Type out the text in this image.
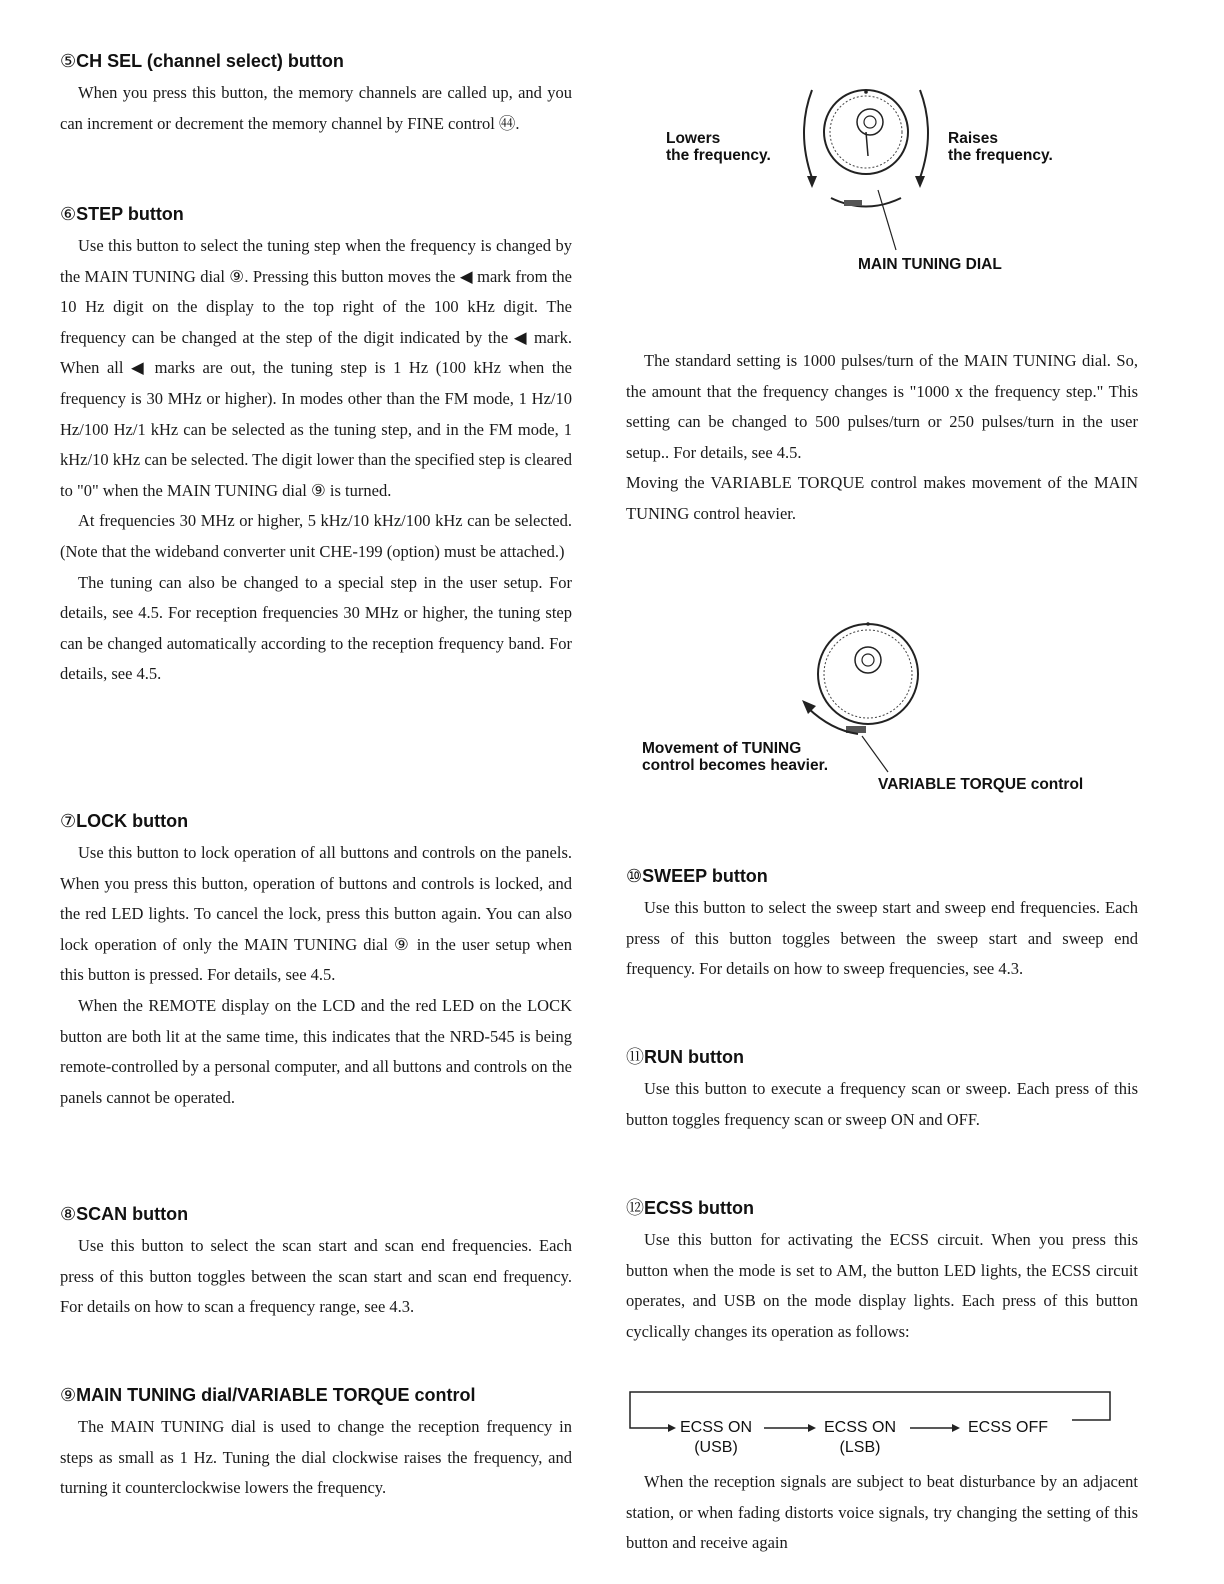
⑤CH SEL (channel select) button

When you press this button, the memory channels are called up, and you can increment or decrement the memory channel by FINE control ㊹.

⑥STEP button

Use this button to select the tuning step when the frequency is changed by the MAIN TUNING dial ⑨. Pressing this button moves the ◀ mark from the 10 Hz digit on the display to the top right of the 100 kHz digit. The frequency can be changed at the step of the digit indicated by the ◀ mark. When all ◀ marks are out, the tuning step is 1 Hz (100 kHz when the frequency is 30 MHz or higher). In modes other than the FM mode, 1 Hz/10 Hz/100 Hz/1 kHz can be selected as the tuning step, and in the FM mode, 1 kHz/10 kHz can be selected. The digit lower than the specified step is cleared to "0" when the MAIN TUNING dial ⑨ is turned.

At frequencies 30 MHz or higher, 5 kHz/10 kHz/100 kHz can be selected. (Note that the wideband converter unit CHE-199 (option) must be attached.)

The tuning can also be changed to a special step in the user setup. For details, see 4.5. For reception frequencies 30 MHz or higher, the tuning step can be changed automatically according to the reception frequency band. For details, see 4.5.

⑦LOCK button

Use this button to lock operation of all buttons and controls on the panels. When you press this button, operation of buttons and controls is locked, and the red LED lights. To cancel the lock, press this button again. You can also lock operation of only the MAIN TUNING dial ⑨ in the user setup when this button is pressed. For details, see 4.5.

When the REMOTE display on the LCD and the red LED on the LOCK button are both lit at the same time, this indicates that the NRD-545 is being remote-controlled by a personal computer, and all buttons and controls on the panels cannot be operated.

⑧SCAN button

Use this button to select the scan start and scan end frequencies. Each press of this button toggles between the scan start and scan end frequency. For details on how to scan a frequency range, see 4.3.

⑨MAIN TUNING dial/VARIABLE TORQUE control

The MAIN TUNING dial is used to change the reception frequency in steps as small as 1 Hz. Tuning the dial clockwise raises the frequency, and turning it counterclockwise lowers the frequency.

Lowers
the frequency.
Raises
the frequency.
MAIN TUNING DIAL

The standard setting is 1000 pulses/turn of the MAIN TUNING dial. So, the amount that the frequency changes is "1000 x the frequency step." This setting can be changed to 500 pulses/turn or 250 pulses/turn in the user setup.. For details, see 4.5.

Moving the VARIABLE TORQUE control makes movement of the MAIN TUNING control heavier.

Movement of TUNING
control becomes heavier.
VARIABLE TORQUE control
⑩SWEEP button

Use this button to select the sweep start and sweep end frequencies. Each press of this button toggles between the sweep start and sweep end frequency. For details on how to sweep frequencies, see 4.3.

⑪RUN button

Use this button to execute a frequency scan or sweep. Each press of this button toggles frequency scan or sweep ON and OFF.

⑫ECSS button

Use this button for activating the ECSS circuit. When you press this button when the mode is set to AM, the button LED lights, the ECSS circuit operates, and USB on the mode display lights. Each press of this button cyclically changes its operation as follows:

ECSS ON
(USB)
ECSS ON
(LSB)
ECSS OFF

When the reception signals are subject to beat disturbance by an adjacent station, or when fading distorts voice signals, try changing the setting of this button and receive again
